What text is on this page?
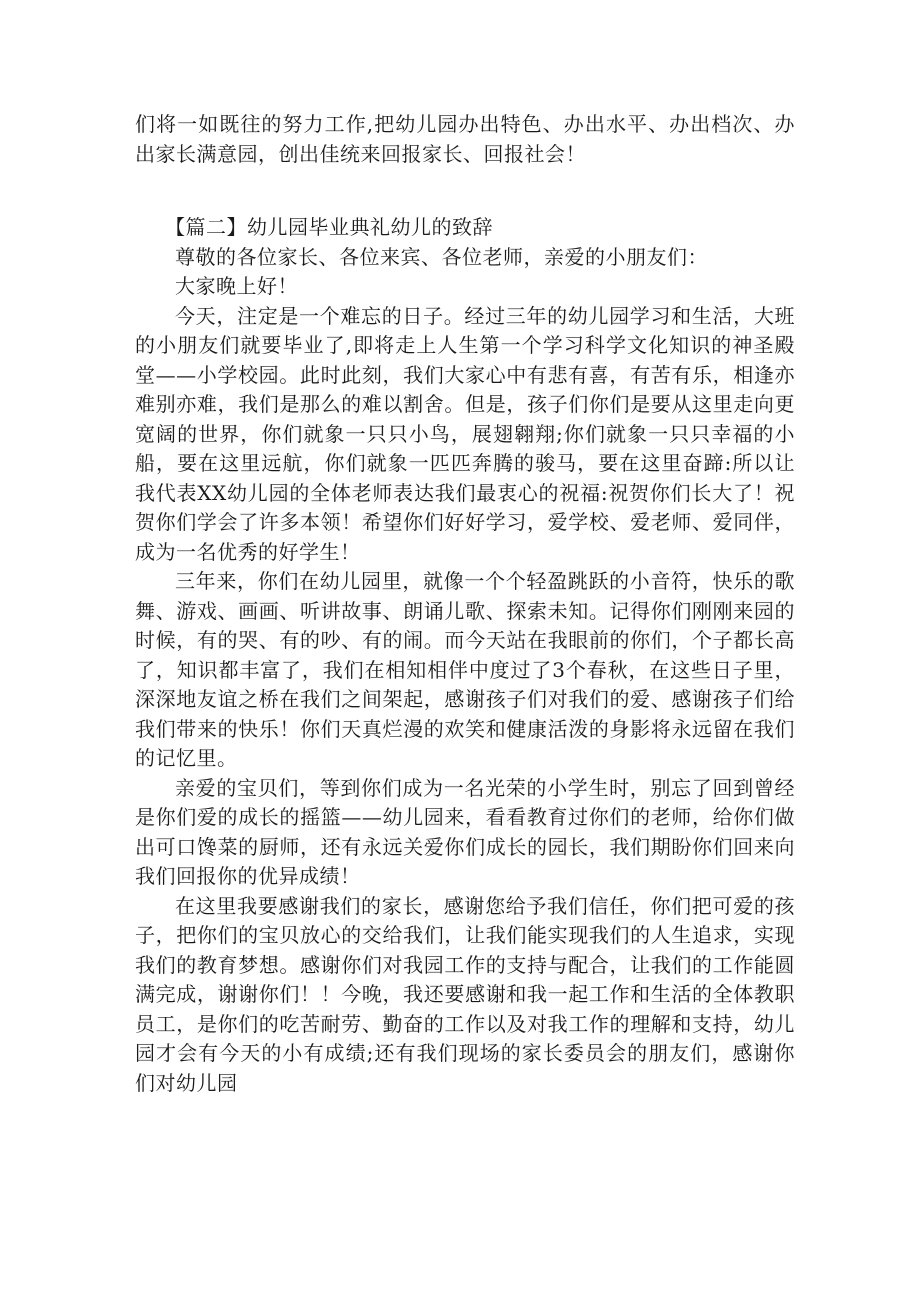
们将一如既往的努力工作,把幼儿园办出特色、办出水平、办出档次、办出家长满意园，创出佳统来回报家长、回报社会！

【篇二】幼儿园毕业典礼幼儿的致辞

尊敬的各位家长、各位来宾、各位老师，亲爱的小朋友们：

大家晚上好！

今天，注定是一个难忘的日子。经过三年的幼儿园学习和生活，大班的小朋友们就要毕业了,即将走上人生第一个学习科学文化知识的神圣殿堂——小学校园。此时此刻，我们大家心中有悲有喜，有苦有乐，相逢亦难别亦难，我们是那么的难以割舍。但是，孩子们你们是要从这里走向更宽阔的世界，你们就象一只只小鸟，展翅翱翔;你们就象一只只幸福的小船，要在这里远航，你们就象一匹匹奔腾的骏马，要在这里奋蹄:所以让我代表XX幼儿园的全体老师表达我们最衷心的祝福:祝贺你们长大了！祝贺你们学会了许多本领！希望你们好好学习，爱学校、爱老师、爱同伴，成为一名优秀的好学生！

三年来，你们在幼儿园里，就像一个个轻盈跳跃的小音符，快乐的歌舞、游戏、画画、听讲故事、朗诵儿歌、探索未知。记得你们刚刚来园的时候，有的哭、有的吵、有的闹。而今天站在我眼前的你们，个子都长高了，知识都丰富了，我们在相知相伴中度过了3个春秋，在这些日子里，深深地友谊之桥在我们之间架起，感谢孩子们对我们的爱、感谢孩子们给我们带来的快乐！你们天真烂漫的欢笑和健康活泼的身影将永远留在我们的记忆里。

亲爱的宝贝们，等到你们成为一名光荣的小学生时，别忘了回到曾经是你们爱的成长的摇篮——幼儿园来，看看教育过你们的老师，给你们做出可口馋菜的厨师，还有永远关爱你们成长的园长，我们期盼你们回来向我们回报你的优异成绩！

在这里我要感谢我们的家长，感谢您给予我们信任，你们把可爱的孩子，把你们的宝贝放心的交给我们，让我们能实现我们的人生追求，实现我们的教育梦想。感谢你们对我园工作的支持与配合，让我们的工作能圆满完成，谢谢你们！！今晚，我还要感谢和我一起工作和生活的全体教职员工，是你们的吃苦耐劳、勤奋的工作以及对我工作的理解和支持，幼儿园才会有今天的小有成绩;还有我们现场的家长委员会的朋友们，感谢你们对幼儿园
